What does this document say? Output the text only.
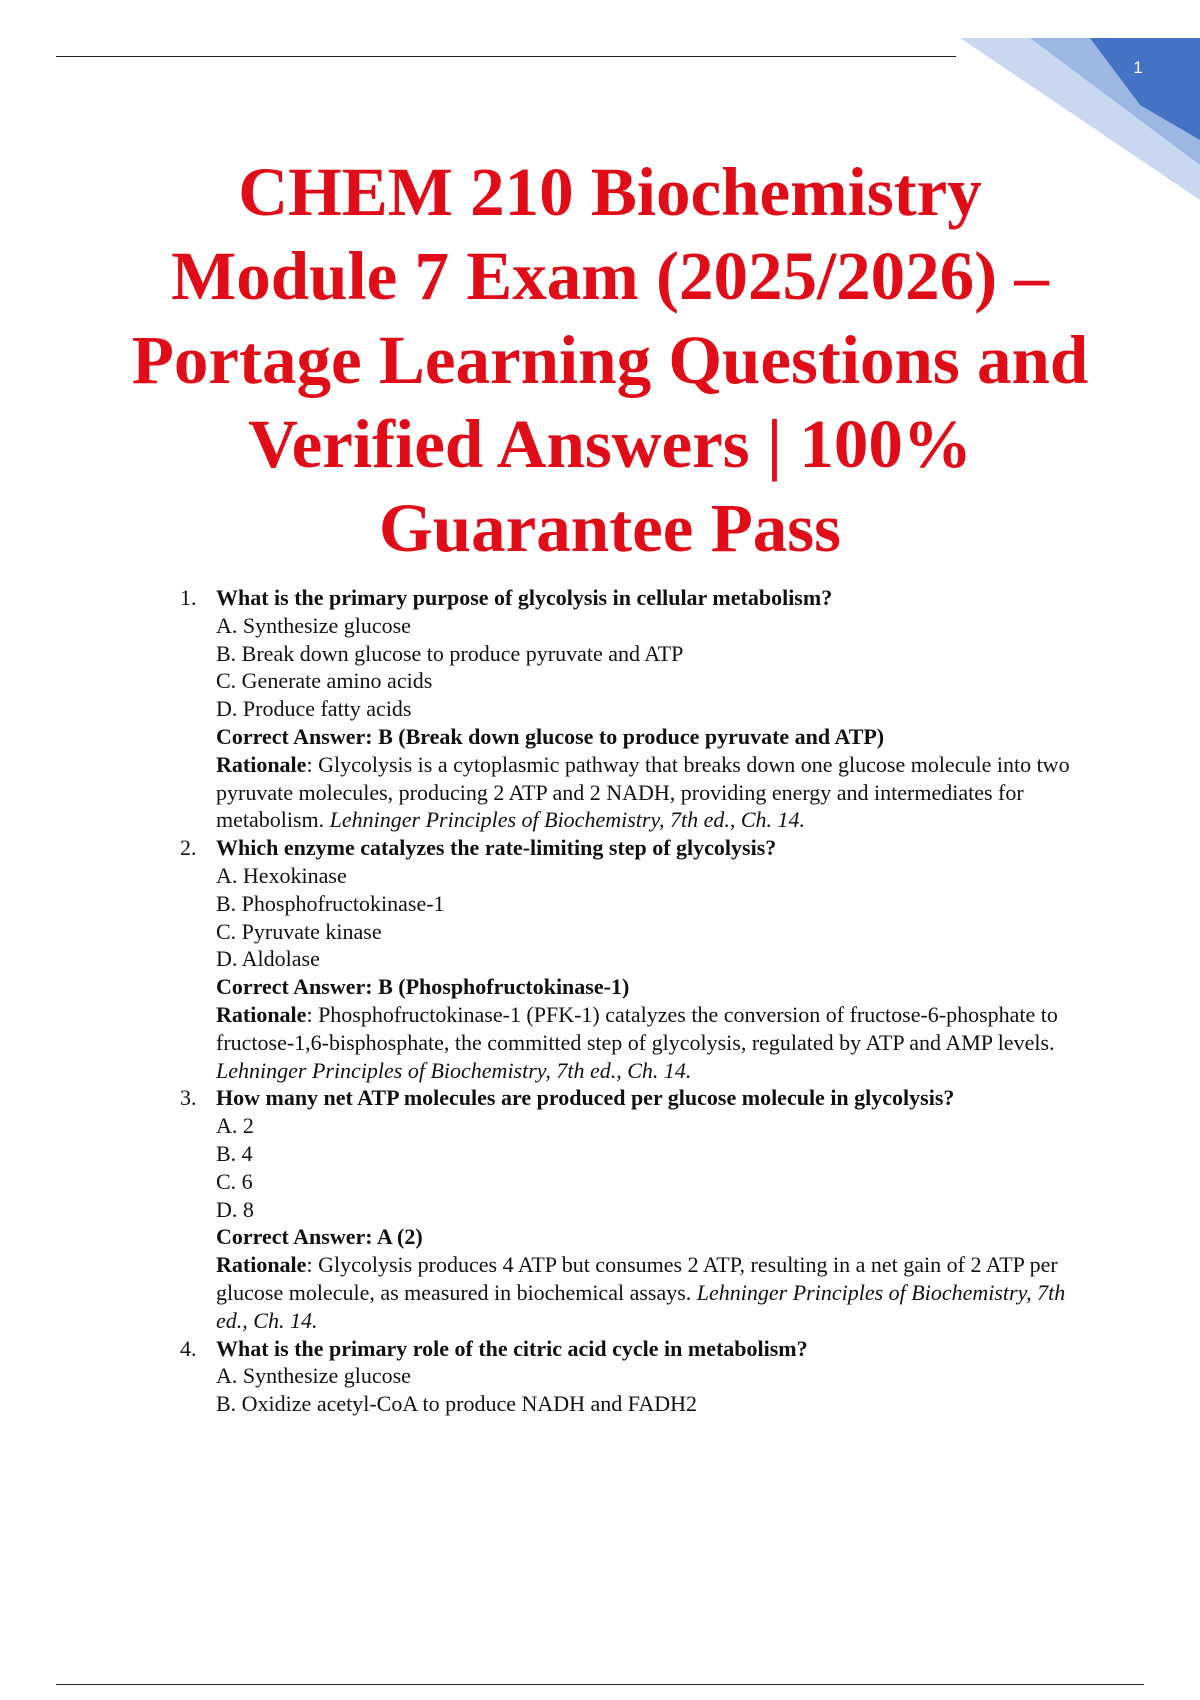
1
CHEM 210 Biochemistry Module 7 Exam (2025/2026) – Portage Learning Questions and Verified Answers | 100% Guarantee Pass
1. What is the primary purpose of glycolysis in cellular metabolism?
A. Synthesize glucose
B. Break down glucose to produce pyruvate and ATP
C. Generate amino acids
D. Produce fatty acids
Correct Answer: B (Break down glucose to produce pyruvate and ATP)
Rationale: Glycolysis is a cytoplasmic pathway that breaks down one glucose molecule into two pyruvate molecules, producing 2 ATP and 2 NADH, providing energy and intermediates for metabolism. Lehninger Principles of Biochemistry, 7th ed., Ch. 14.
2. Which enzyme catalyzes the rate-limiting step of glycolysis?
A. Hexokinase
B. Phosphofructokinase-1
C. Pyruvate kinase
D. Aldolase
Correct Answer: B (Phosphofructokinase-1)
Rationale: Phosphofructokinase-1 (PFK-1) catalyzes the conversion of fructose-6-phosphate to fructose-1,6-bisphosphate, the committed step of glycolysis, regulated by ATP and AMP levels. Lehninger Principles of Biochemistry, 7th ed., Ch. 14.
3. How many net ATP molecules are produced per glucose molecule in glycolysis?
A. 2
B. 4
C. 6
D. 8
Correct Answer: A (2)
Rationale: Glycolysis produces 4 ATP but consumes 2 ATP, resulting in a net gain of 2 ATP per glucose molecule, as measured in biochemical assays. Lehninger Principles of Biochemistry, 7th ed., Ch. 14.
4. What is the primary role of the citric acid cycle in metabolism?
A. Synthesize glucose
B. Oxidize acetyl-CoA to produce NADH and FADH2
